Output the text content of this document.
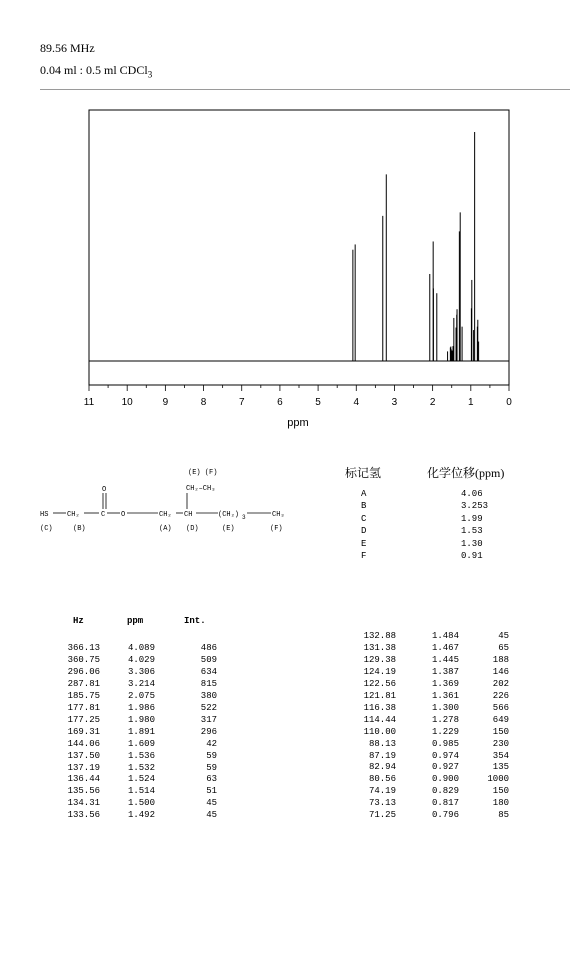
89.56 MHz
0.04 ml : 0.5 ml CDCl$_3$
11	10	9	8	7	6	5	4	3	2	1	0
ppm
(E) (F)
CH₂–CH₃
O
HS	CH₂	C O	CH₂ CH	(CH₂) 3	CH₃
(C)	(B)	(A) (D)	(E)	(F)
标记氢	化学位移(ppm)
A	4.06
B	3.253
C	1.99
D	1.53
E	1.30
F	0.91
Hz	ppm	Int.
366.13	4.089	486
360.75	4.029	509
296.06	3.306	634
287.81	3.214	815
185.75	2.075	380
177.81	1.986	522
177.25	1.980	317
169.31	1.891	296
144.06	1.609	42
137.50	1.536	59
137.19	1.532	59
136.44	1.524	63
135.56	1.514	51
134.31	1.500	45
133.56	1.492	45
132.88	1.484	45
131.38	1.467	65
129.38	1.445	188
124.19	1.387	146
122.56	1.369	202
121.81	1.361	226
116.38	1.300	566
114.44	1.278	649
110.00	1.229	150
88.13	0.985	230
87.19	0.974	354
82.94	0.927	135
80.56	0.900	1000
74.19	0.829	150
73.13	0.817	180
71.25	0.796	85
